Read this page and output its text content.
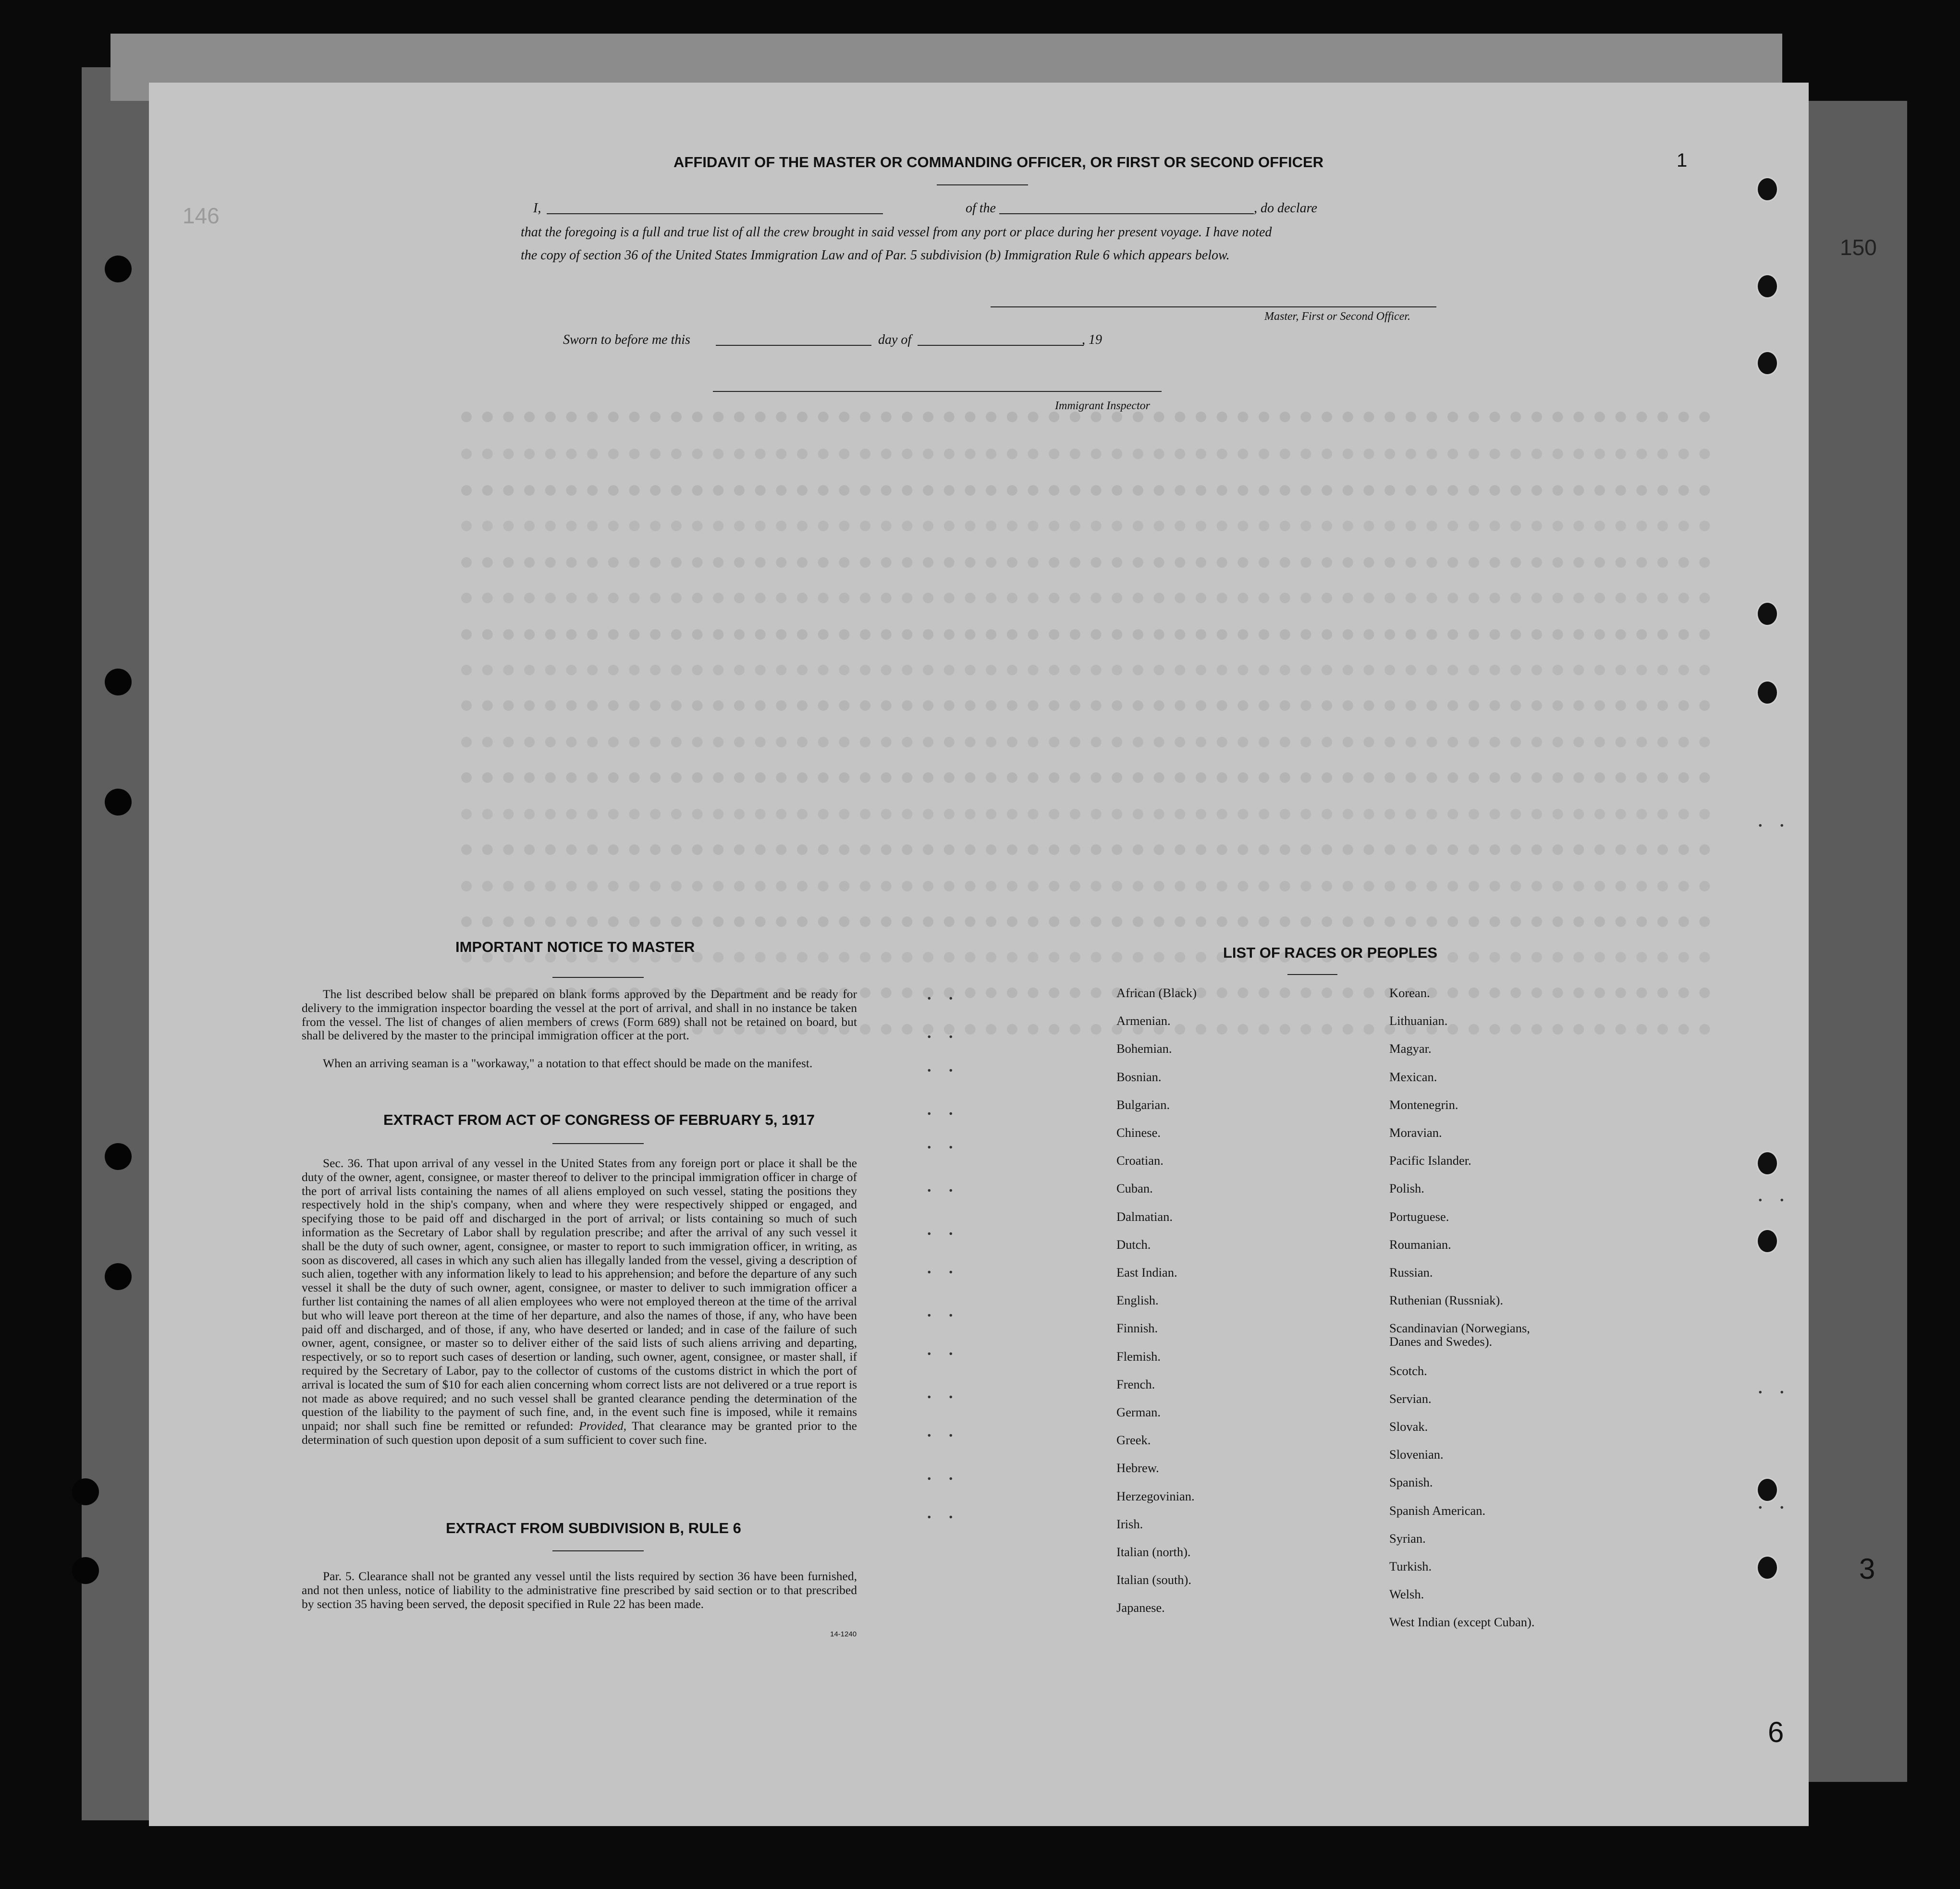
1
150
146
3
6
AFFIDAVIT OF THE MASTER OR COMMANDING OFFICER, OR FIRST OR SECOND OFFICER
I,	of the	, do declare
that the foregoing is a full and true list of all the crew brought in said vessel from any port or place during her present voyage. I have noted
the copy of section 36 of the United States Immigration Law and of Par. 5 subdivision (b) Immigration Rule 6 which appears below.
Master, First or Second Officer.
Sworn to before me this	day of	, 19
Immigrant Inspector
IMPORTANT NOTICE TO MASTER
The list described below shall be prepared on blank forms approved by the Department and be ready for delivery to the immigration inspector boarding the vessel at the port of arrival, and shall in no instance be taken from the vessel. The list of changes of alien members of crews (Form 689) shall not be retained on board, but shall be delivered by the master to the principal immigration officer at the port.
When an arriving seaman is a "workaway," a notation to that effect should be made on the manifest.
EXTRACT FROM ACT OF CONGRESS OF FEBRUARY 5, 1917
Sec. 36. That upon arrival of any vessel in the United States from any foreign port or place it shall be the duty of the owner, agent, consignee, or master thereof to deliver to the principal immigration officer in charge of the port of arrival lists containing the names of all aliens employed on such vessel, stating the positions they respectively hold in the ship's company, when and where they were respectively shipped or engaged, and specifying those to be paid off and discharged in the port of arrival; or lists containing so much of such information as the Secretary of Labor shall by regulation prescribe; and after the arrival of any such vessel it shall be the duty of such owner, agent, consignee, or master to report to such immigration officer, in writing, as soon as discovered, all cases in which any such alien has illegally landed from the vessel, giving a description of such alien, together with any information likely to lead to his apprehension; and before the departure of any such vessel it shall be the duty of such owner, agent, consignee, or master to deliver to such immigration officer a further list containing the names of all alien employees who were not employed thereon at the time of the arrival but who will leave port thereon at the time of her departure, and also the names of those, if any, who have been paid off and discharged, and of those, if any, who have deserted or landed; and in case of the failure of such owner, agent, consignee, or master so to deliver either of the said lists of such aliens arriving and departing, respectively, or so to report such cases of desertion or landing, such owner, agent, consignee, or master shall, if required by the Secretary of Labor, pay to the collector of customs of the customs district in which the port of arrival is located the sum of $10 for each alien concerning whom correct lists are not delivered or a true report is not made as above required; and no such vessel shall be granted clearance pending the determination of the question of the liability to the payment of such fine, and, in the event such fine is imposed, while it remains unpaid; nor shall such fine be remitted or refunded: Provided, That clearance may be granted prior to the determination of such question upon deposit of a sum sufficient to cover such fine.
EXTRACT FROM SUBDIVISION B, RULE 6
Par. 5. Clearance shall not be granted any vessel until the lists required by section 36 have been furnished, and not then unless, notice of liability to the administrative fine prescribed by said section or to that prescribed by section 35 having been served, the deposit specified in Rule 22 has been made.
14-1240
LIST OF RACES OR PEOPLES
African (Black)
Armenian.
Bohemian.
Bosnian.
Bulgarian.
Chinese.
Croatian.
Cuban.
Dalmatian.
Dutch.
East Indian.
English.
Finnish.
Flemish.
French.
German.
Greek.
Hebrew.
Herzegovinian.
Irish.
Italian (north).
Italian (south).
Japanese.
Korean.
Lithuanian.
Magyar.
Mexican.
Montenegrin.
Moravian.
Pacific Islander.
Polish.
Portuguese.
Roumanian.
Russian.
Ruthenian (Russniak).
Scandinavian (Norwegians,
Danes and Swedes).
Scotch.
Servian.
Slovak.
Slovenian.
Spanish.
Spanish American.
Syrian.
Turkish.
Welsh.
West Indian (except Cuban).
. .
. .
. .
. .
. .
. .
. .
. .
. .
. .
. .
. .
. .
. .
. .
. .
. .
. .
